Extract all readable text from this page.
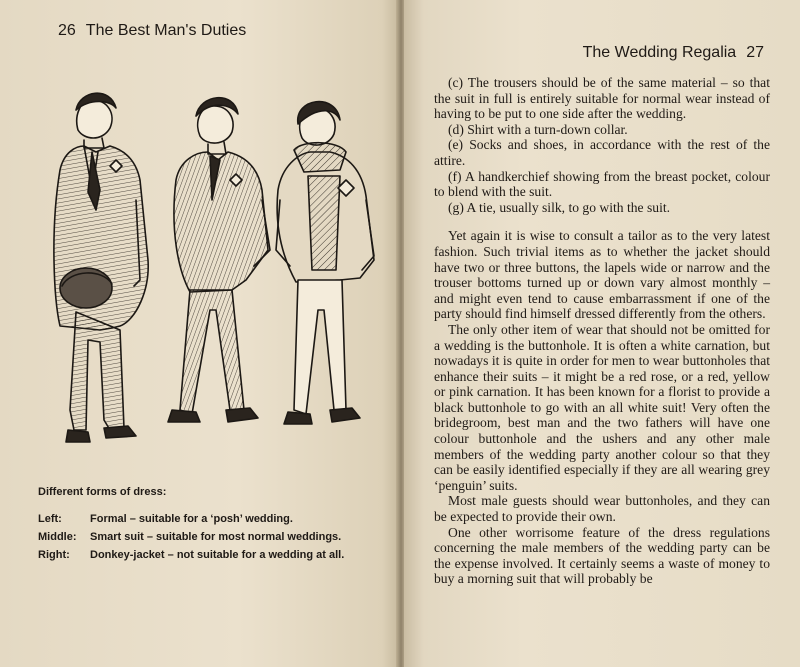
26 The Best Man's Duties
Different forms of dress:
Left:	Formal – suitable for a ‘posh’ wedding.
Middle:	Smart suit – suitable for most normal weddings.
Right:	Donkey-jacket – not suitable for a wedding at all.
The Wedding Regalia 27

(c) The trousers should be of the same material – so that the suit in full is entirely suitable for normal wear instead of having to be put to one side after the wedding.

(d) Shirt with a turn-down collar.

(e) Socks and shoes, in accordance with the rest of the attire.

(f) A handkerchief showing from the breast pocket, colour to blend with the suit.

(g) A tie, usually silk, to go with the suit.

Yet again it is wise to consult a tailor as to the very latest fashion. Such trivial items as to whether the jacket should have two or three buttons, the lapels wide or narrow and the trouser bottoms turned up or down vary almost monthly – and might even tend to cause embarrassment if one of the party should find himself dressed differently from the others.

The only other item of wear that should not be omitted for a wedding is the buttonhole. It is often a white carnation, but nowadays it is quite in order for men to wear buttonholes that enhance their suits – it might be a red rose, or a red, yellow or pink carnation. It has been known for a florist to provide a black buttonhole to go with an all white suit! Very often the bridegroom, best man and the two fathers will have one colour buttonhole and the ushers and any other male members of the wedding party another colour so that they can be easily identified especially if they are all wearing grey ‘penguin’ suits.

Most male guests should wear buttonholes, and they can be expected to provide their own.

One other worrisome feature of the dress regulations concerning the male members of the wedding party can be the expense involved. It certainly seems a waste of money to buy a morning suit that will probably be
